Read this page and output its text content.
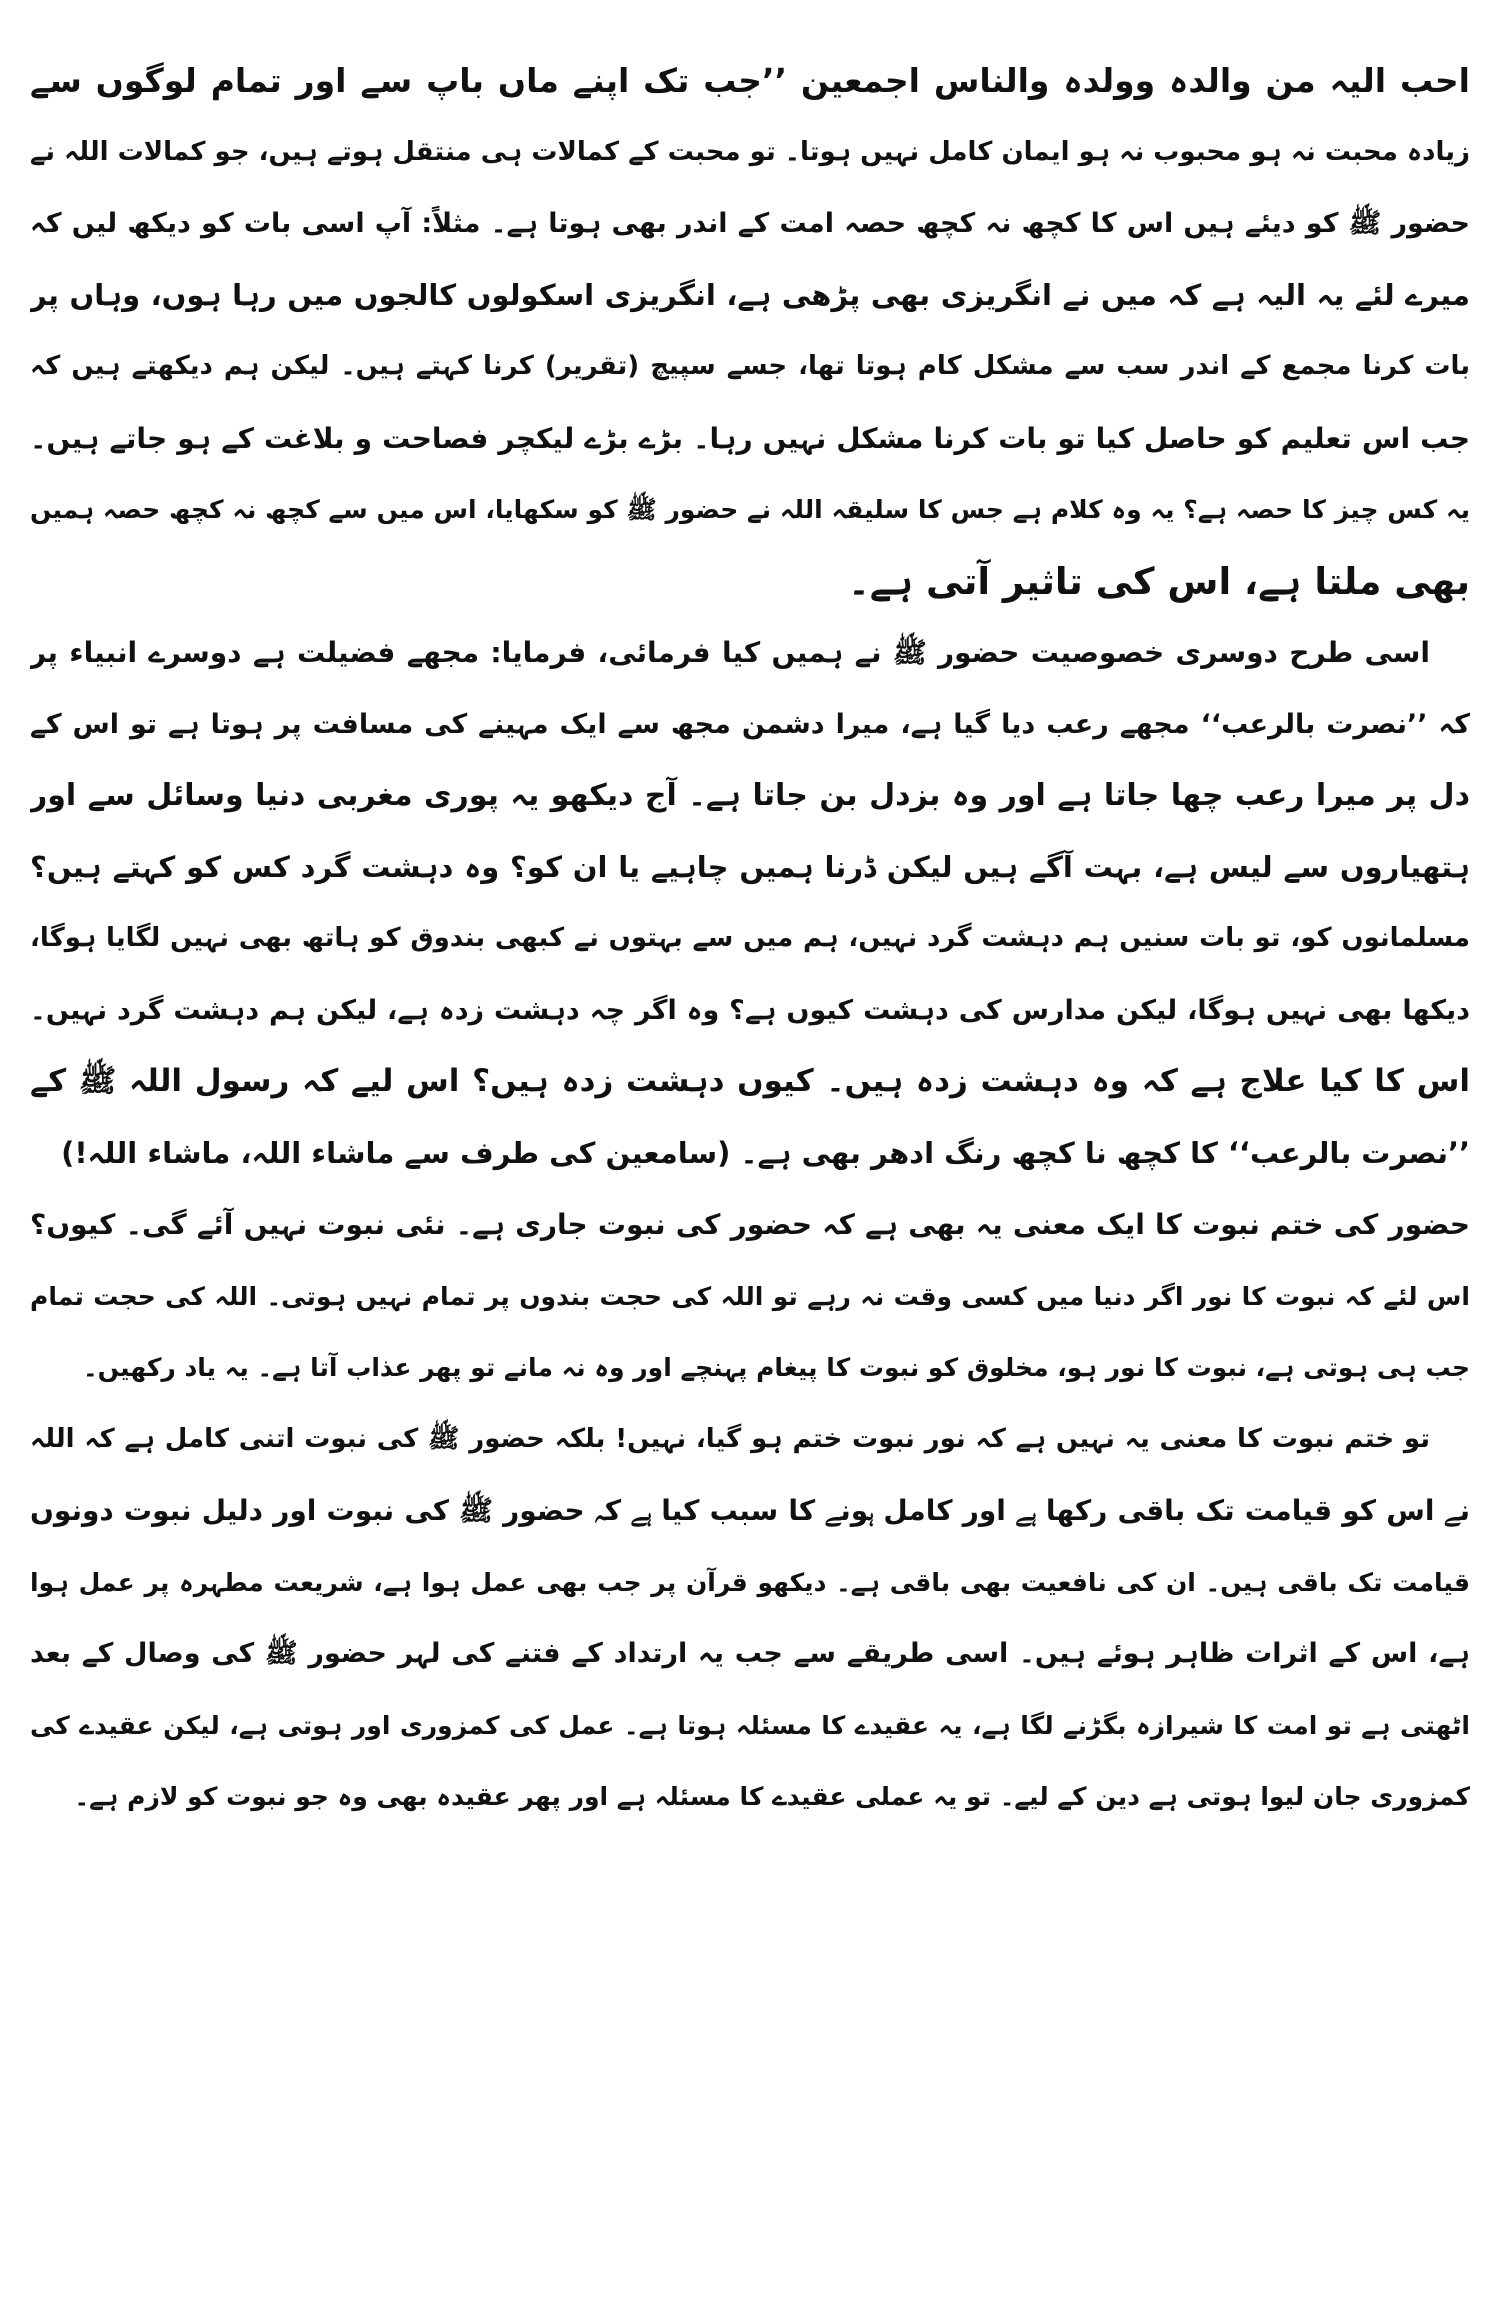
احب الیہ من والدہ وولدہ والناس اجمعین ’’جب تک اپنے ماں باپ سے اور تمام لوگوں سے
زیادہ محبت نہ ہو محبوب نہ ہو ایمان کامل نہیں ہوتا۔ تو محبت کے کمالات ہی منتقل ہوتے ہیں، جو کمالات اللہ نے
حضور ﷺ کو دیئے ہیں اس کا کچھ نہ کچھ حصہ امت کے اندر بھی ہوتا ہے۔ مثلاً: آپ اسی بات کو دیکھ لیں کہ
میرے لئے یہ الیہ ہے کہ میں نے انگریزی بھی پڑھی ہے، انگریزی اسکولوں کالجوں میں رہا ہوں، وہاں پر
بات کرنا مجمع کے اندر سب سے مشکل کام ہوتا تھا، جسے سپیچ (تقریر) کرنا کہتے ہیں۔ لیکن ہم دیکھتے ہیں کہ
جب اس تعلیم کو حاصل کیا تو بات کرنا مشکل نہیں رہا۔ بڑے بڑے لیکچر فصاحت و بلاغت کے ہو جاتے ہیں۔
یہ کس چیز کا حصہ ہے؟ یہ وہ کلام ہے جس کا سلیقہ اللہ نے حضور ﷺ کو سکھایا، اس میں سے کچھ نہ کچھ حصہ ہمیں
بھی ملتا ہے، اس کی تاثیر آتی ہے۔
اسی طرح دوسری خصوصیت حضور ﷺ نے ہمیں کیا فرمائی، فرمایا: مجھے فضیلت ہے دوسرے انبیاء پر
کہ ’’نصرت بالرعب‘‘ مجھے رعب دیا گیا ہے، میرا دشمن مجھ سے ایک مہینے کی مسافت پر ہوتا ہے تو اس کے
دل پر میرا رعب چھا جاتا ہے اور وہ بزدل بن جاتا ہے۔ آج دیکھو یہ پوری مغربی دنیا وسائل سے اور
ہتھیاروں سے لیس ہے، بہت آگے ہیں لیکن ڈرنا ہمیں چاہیے یا ان کو؟ وہ دہشت گرد کس کو کہتے ہیں؟
مسلمانوں کو، تو بات سنیں ہم دہشت گرد نہیں، ہم میں سے بہتوں نے کبھی بندوق کو ہاتھ بھی نہیں لگایا ہوگا،
دیکھا بھی نہیں ہوگا، لیکن مدارس کی دہشت کیوں ہے؟ وہ اگر چہ دہشت زدہ ہے، لیکن ہم دہشت گرد نہیں۔
اس کا کیا علاج ہے کہ وہ دہشت زدہ ہیں۔ کیوں دہشت زدہ ہیں؟ اس لیے کہ رسول اللہ ﷺ کے
’’نصرت بالرعب‘‘ کا کچھ نا کچھ رنگ ادھر بھی ہے۔ (سامعین کی طرف سے ماشاء اللہ، ماشاء اللہ!)
حضور کی ختم نبوت کا ایک معنی یہ بھی ہے کہ حضور کی نبوت جاری ہے۔ نئی نبوت نہیں آئے گی۔ کیوں؟
اس لئے کہ نبوت کا نور اگر دنیا میں کسی وقت نہ رہے تو اللہ کی حجت بندوں پر تمام نہیں ہوتی۔ اللہ کی حجت تمام
جب ہی ہوتی ہے، نبوت کا نور ہو، مخلوق کو نبوت کا پیغام پہنچے اور وہ نہ مانے تو پھر عذاب آتا ہے۔ یہ یاد رکھیں۔
تو ختم نبوت کا معنی یہ نہیں ہے کہ نور نبوت ختم ہو گیا، نہیں! بلکہ حضور ﷺ کی نبوت اتنی کامل ہے کہ اللہ
نے اس کو قیامت تک باقی رکھا ہے اور کامل ہونے کا سبب کیا ہے کہ حضور ﷺ کی نبوت اور دلیل نبوت دونوں
قیامت تک باقی ہیں۔ ان کی نافعیت بھی باقی ہے۔ دیکھو قرآن پر جب بھی عمل ہوا ہے، شریعت مطہرہ پر عمل ہوا
ہے، اس کے اثرات ظاہر ہوئے ہیں۔ اسی طریقے سے جب یہ ارتداد کے فتنے کی لہر حضور ﷺ کی وصال کے بعد
اٹھتی ہے تو امت کا شیرازہ بگڑنے لگا ہے، یہ عقیدے کا مسئلہ ہوتا ہے۔ عمل کی کمزوری اور ہوتی ہے، لیکن عقیدے کی
کمزوری جان لیوا ہوتی ہے دین کے لیے۔ تو یہ عملی عقیدے کا مسئلہ ہے اور پھر عقیدہ بھی وہ جو نبوت کو لازم ہے۔
